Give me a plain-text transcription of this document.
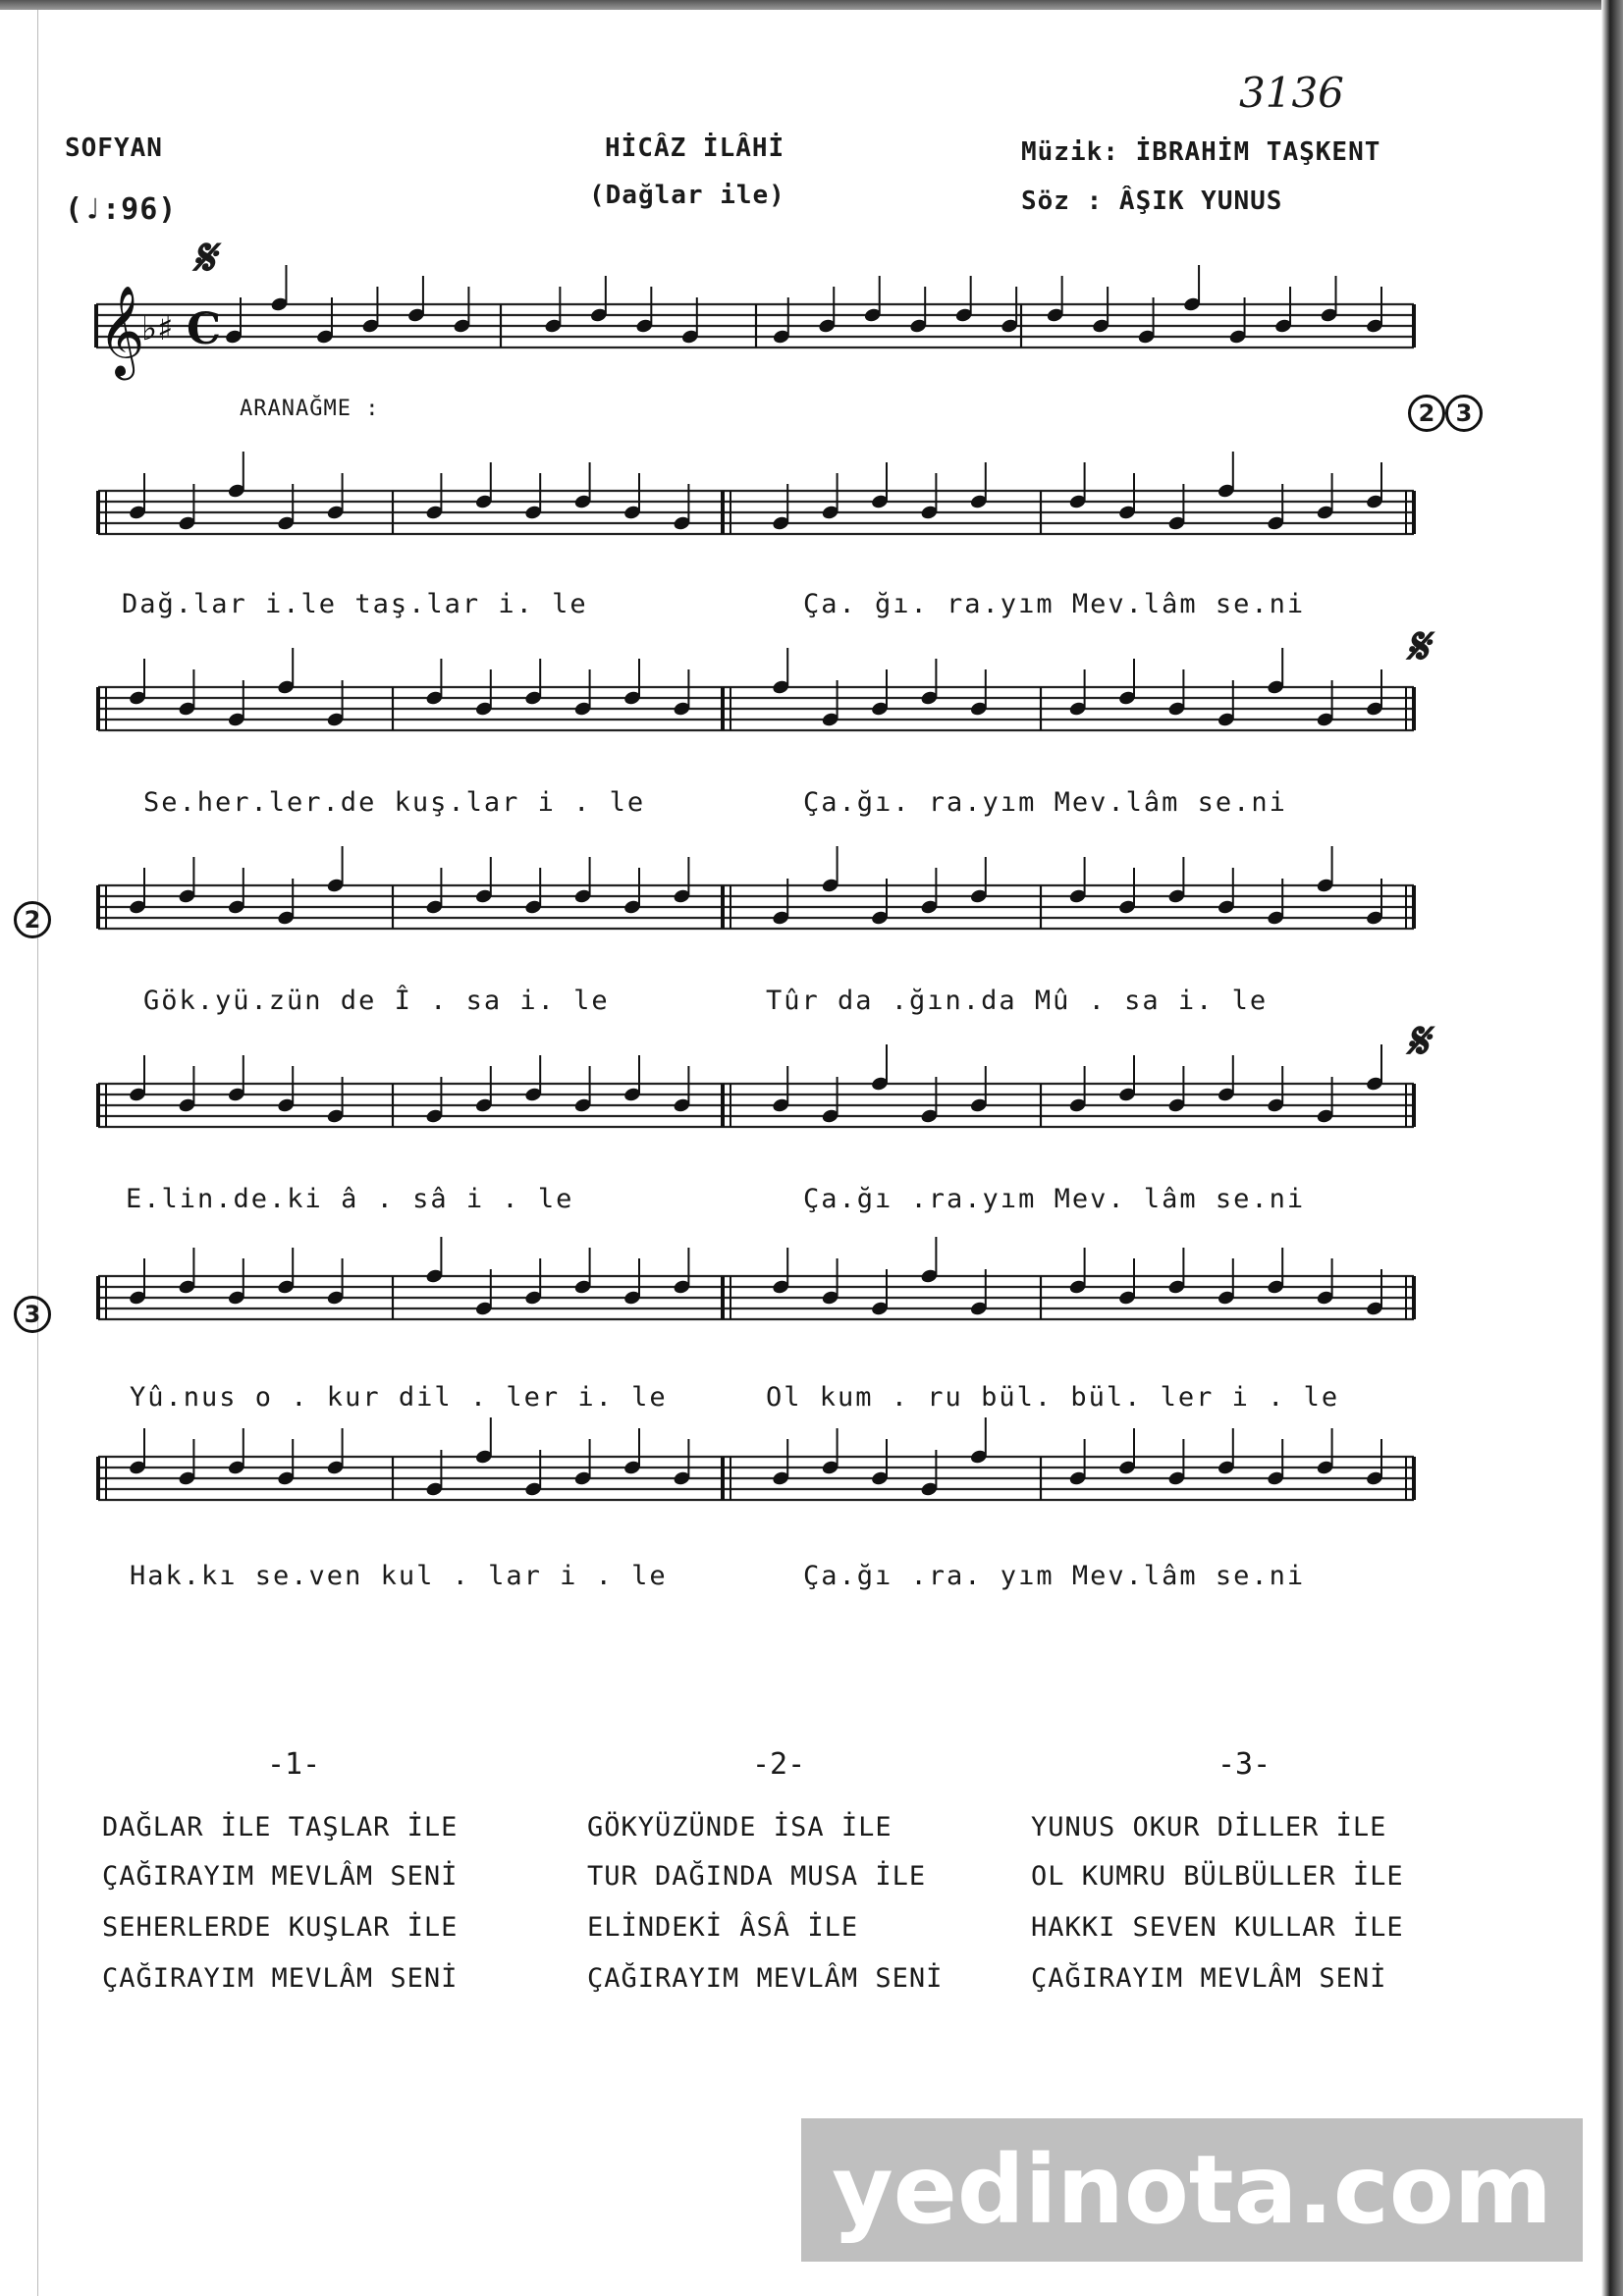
3136
SOFYAN
(♩:96)
HİCÂZ İLÂHİ
(Dağlar ile)
Müzik: İBRAHİM TAŞKENT
Söz : ÂŞIK YUNUS
ARANAĞME :	2 3
2
3
𝄋
𝄋
𝄋
𝄞
♭♯ C
Dağ.lar i.le taş.lar i. le	Ça. ğı. ra.yım Mev.lâm se.ni
Se.her.ler.de kuş.lar i . le	Ça.ğı. ra.yım Mev.lâm se.ni
Gök.yü.zün de Î . sa i. le	Tûr da .ğın.da Mû . sa i. le
E.lin.de.ki â . sâ i . le	Ça.ğı .ra.yım Mev. lâm se.ni
Yû.nus o . kur dil . ler i. le	Ol kum . ru bül. bül. ler i . le
Hak.kı se.ven kul . lar i . le	Ça.ğı .ra. yım Mev.lâm se.ni
-1-
DAĞLAR İLE TAŞLAR İLE
ÇAĞIRAYIM MEVLÂM SENİ
SEHERLERDE KUŞLAR İLE
ÇAĞIRAYIM MEVLÂM SENİ
-2-
GÖKYÜZÜNDE İSA İLE
TUR DAĞINDA MUSA İLE
ELİNDEKİ ÂSÂ İLE
ÇAĞIRAYIM MEVLÂM SENİ
-3-
YUNUS OKUR DİLLER İLE
OL KUMRU BÜLBÜLLER İLE
HAKKI SEVEN KULLAR İLE
ÇAĞIRAYIM MEVLÂM SENİ
yedinota.com
